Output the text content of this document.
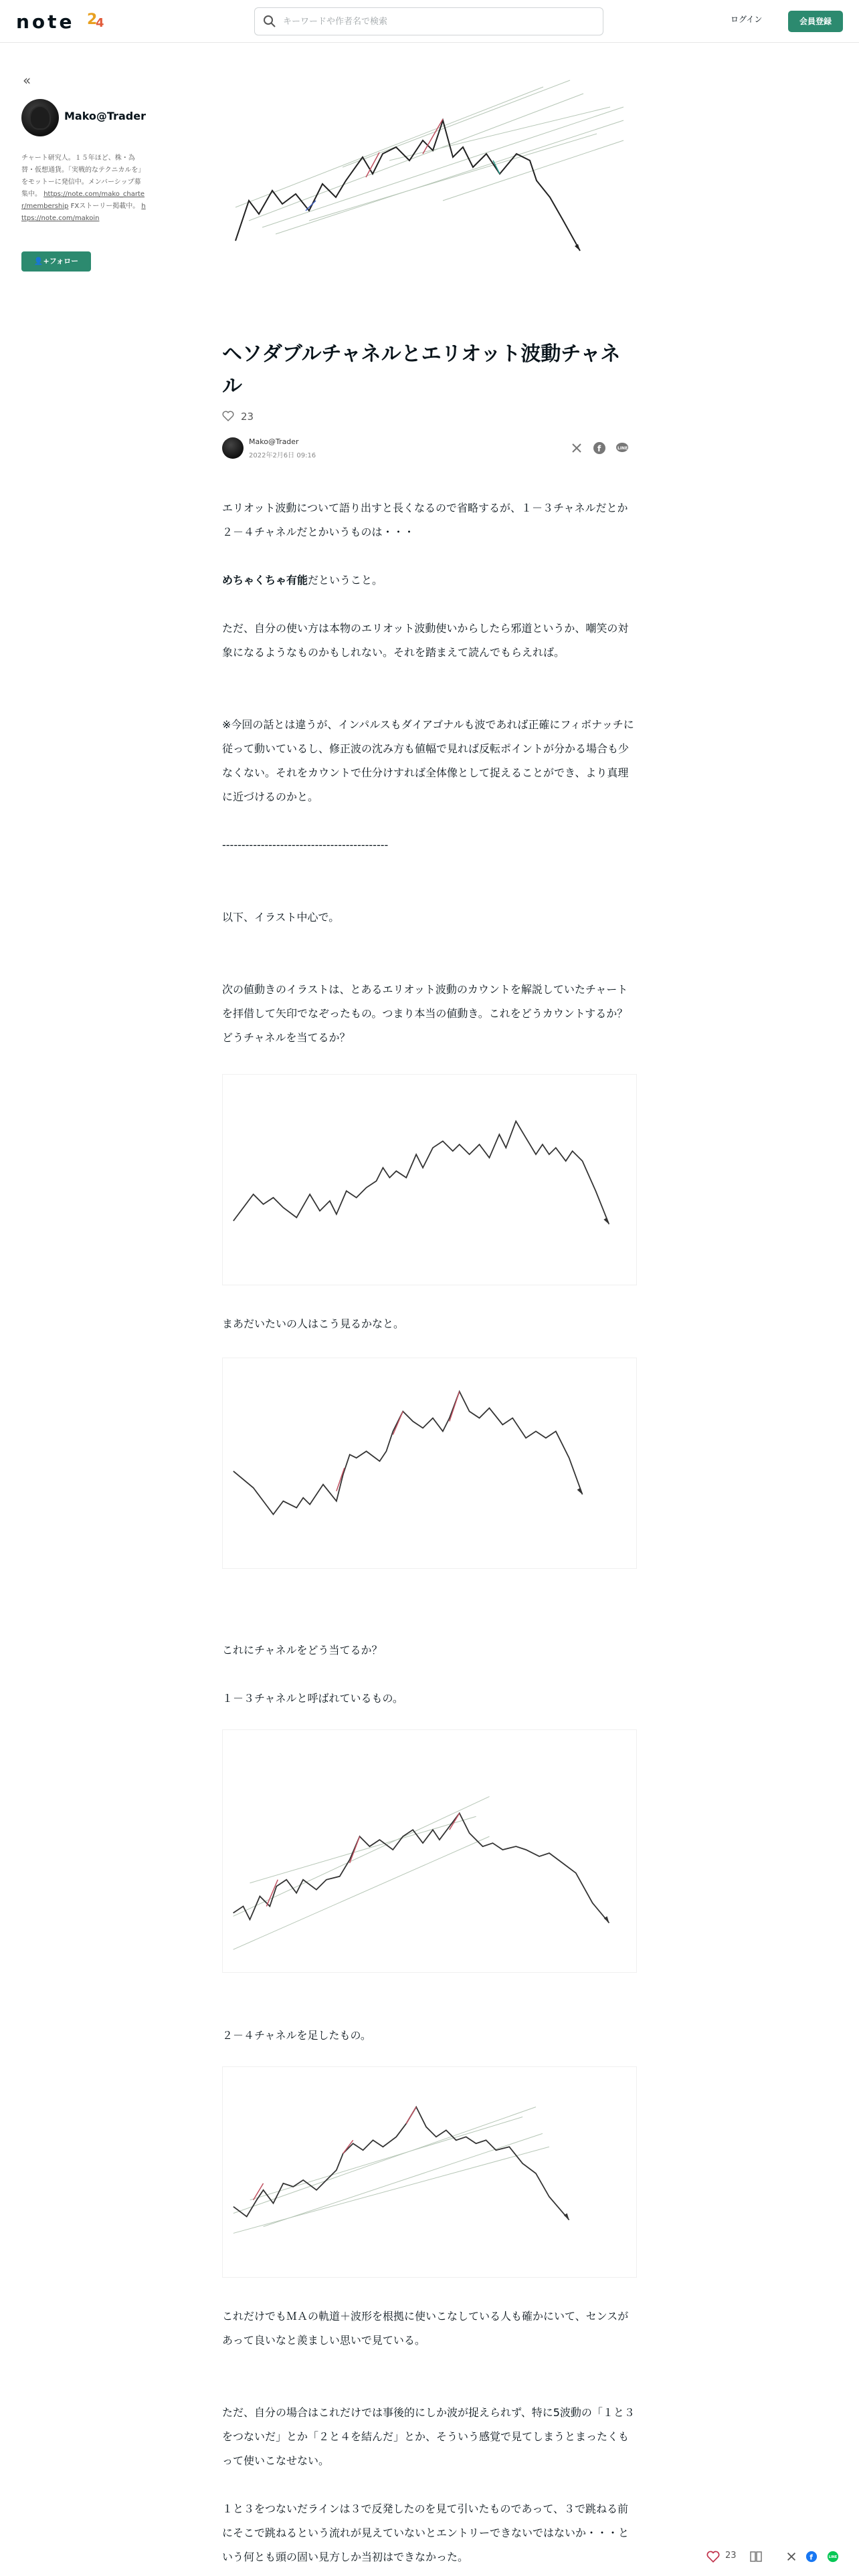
note 2
4
キーワードや作者名で検索	ログイン	会員登録
«
Mako@Trader
チャート研究人。１５年ほど、株・為替・仮想通貨。「実戦的なテクニカルを」をモットーに発信中。メンバーシップ募集中。 https://note.com/mako_charter/membership FXストーリー掲載中。 https://note.com/makoin
👤+フォロー
ヘソダブルチャネルとエリオット波動チャネル
23
Mako@Trader
2022年2月6日 09:16
f	LINE
エリオット波動について語り出すと長くなるので省略するが、１－３チャネルだとか２－４チャネルだとかいうものは・・・
めちゃくちゃ有能だということ。
ただ、自分の使い方は本物のエリオット波動使いからしたら邪道というか、嘲笑の対象になるようなものかもしれない。それを踏まえて読んでもらえれば。
※今回の話とは違うが、インパルスもダイアゴナルも波であれば正確にフィボナッチに従って動いているし、修正波の沈み方も値幅で見れば反転ポイントが分かる場合も少なくない。それをカウントで仕分けすれば全体像として捉えることができ、より真理に近づけるのかと。
-------------------------------------------
以下、イラスト中心で。
次の値動きのイラストは、とあるエリオット波動のカウントを解説していたチャートを拝借して矢印でなぞったもの。つまり本当の値動き。これをどうカウントするか？　どうチャネルを当てるか？
まあだいたいの人はこう見るかなと。
これにチャネルをどう当てるか？
１－３チャネルと呼ばれているもの。
２－４チャネルを足したもの。
これだけでもＭＡの軌道＋波形を根拠に使いこなしている人も確かにいて、センスがあって良いなと羨ましい思いで見ている。
ただ、自分の場合はこれだけでは事後的にしか波が捉えられず、特に5波動の「１と３をつないだ」とか「２と４を結んだ」とか、そういう感覚で見てしまうとまったくもって使いこなせない。
１と３をつないだラインは３で反発したのを見て引いたものであって、３で跳ねる前にそこで跳ねるという流れが見えていないとエントリーできないではないか・・・という何とも頭の固い見方しか当初はできなかった。	23	f	LINE
